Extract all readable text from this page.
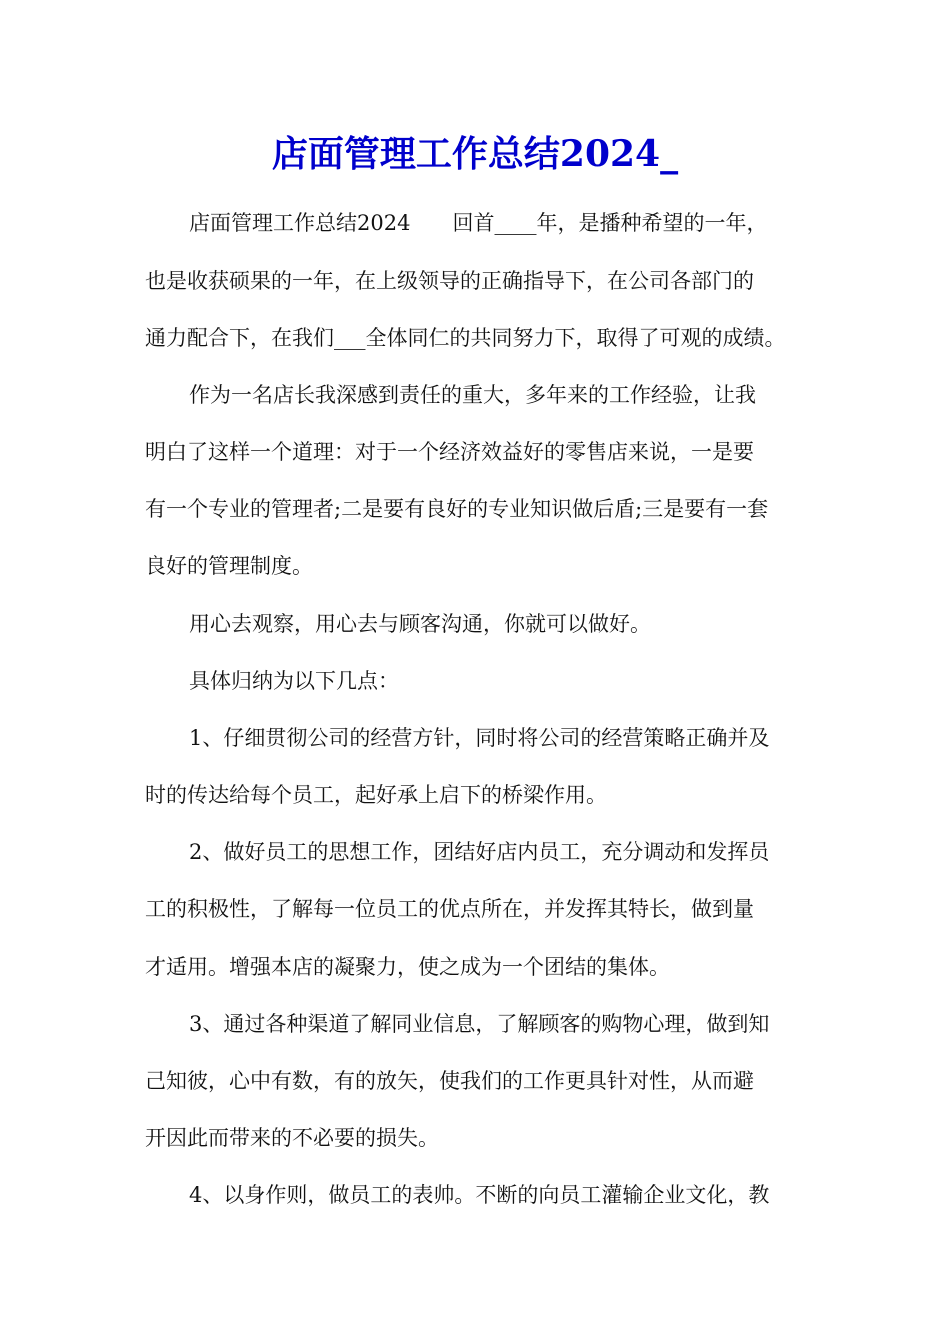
店面管理工作总结2024_
店面管理工作总结2024　　回首____年，是播种希望的一年，
也是收获硕果的一年，在上级领导的正确指导下，在公司各部门的
通力配合下，在我们___全体同仁的共同努力下，取得了可观的成绩。
作为一名店长我深感到责任的重大，多年来的工作经验，让我
明白了这样一个道理：对于一个经济效益好的零售店来说，一是要
有一个专业的管理者;二是要有良好的专业知识做后盾;三是要有一套
良好的管理制度。
用心去观察，用心去与顾客沟通，你就可以做好。
具体归纳为以下几点：
1、仔细贯彻公司的经营方针，同时将公司的经营策略正确并及
时的传达给每个员工，起好承上启下的桥梁作用。
2、做好员工的思想工作，团结好店内员工，充分调动和发挥员
工的积极性，了解每一位员工的优点所在，并发挥其特长，做到量
才适用。增强本店的凝聚力，使之成为一个团结的集体。
3、通过各种渠道了解同业信息，了解顾客的购物心理，做到知
己知彼，心中有数，有的放矢，使我们的工作更具针对性，从而避
开因此而带来的不必要的损失。
4、以身作则，做员工的表帅。不断的向员工灌输企业文化，教
